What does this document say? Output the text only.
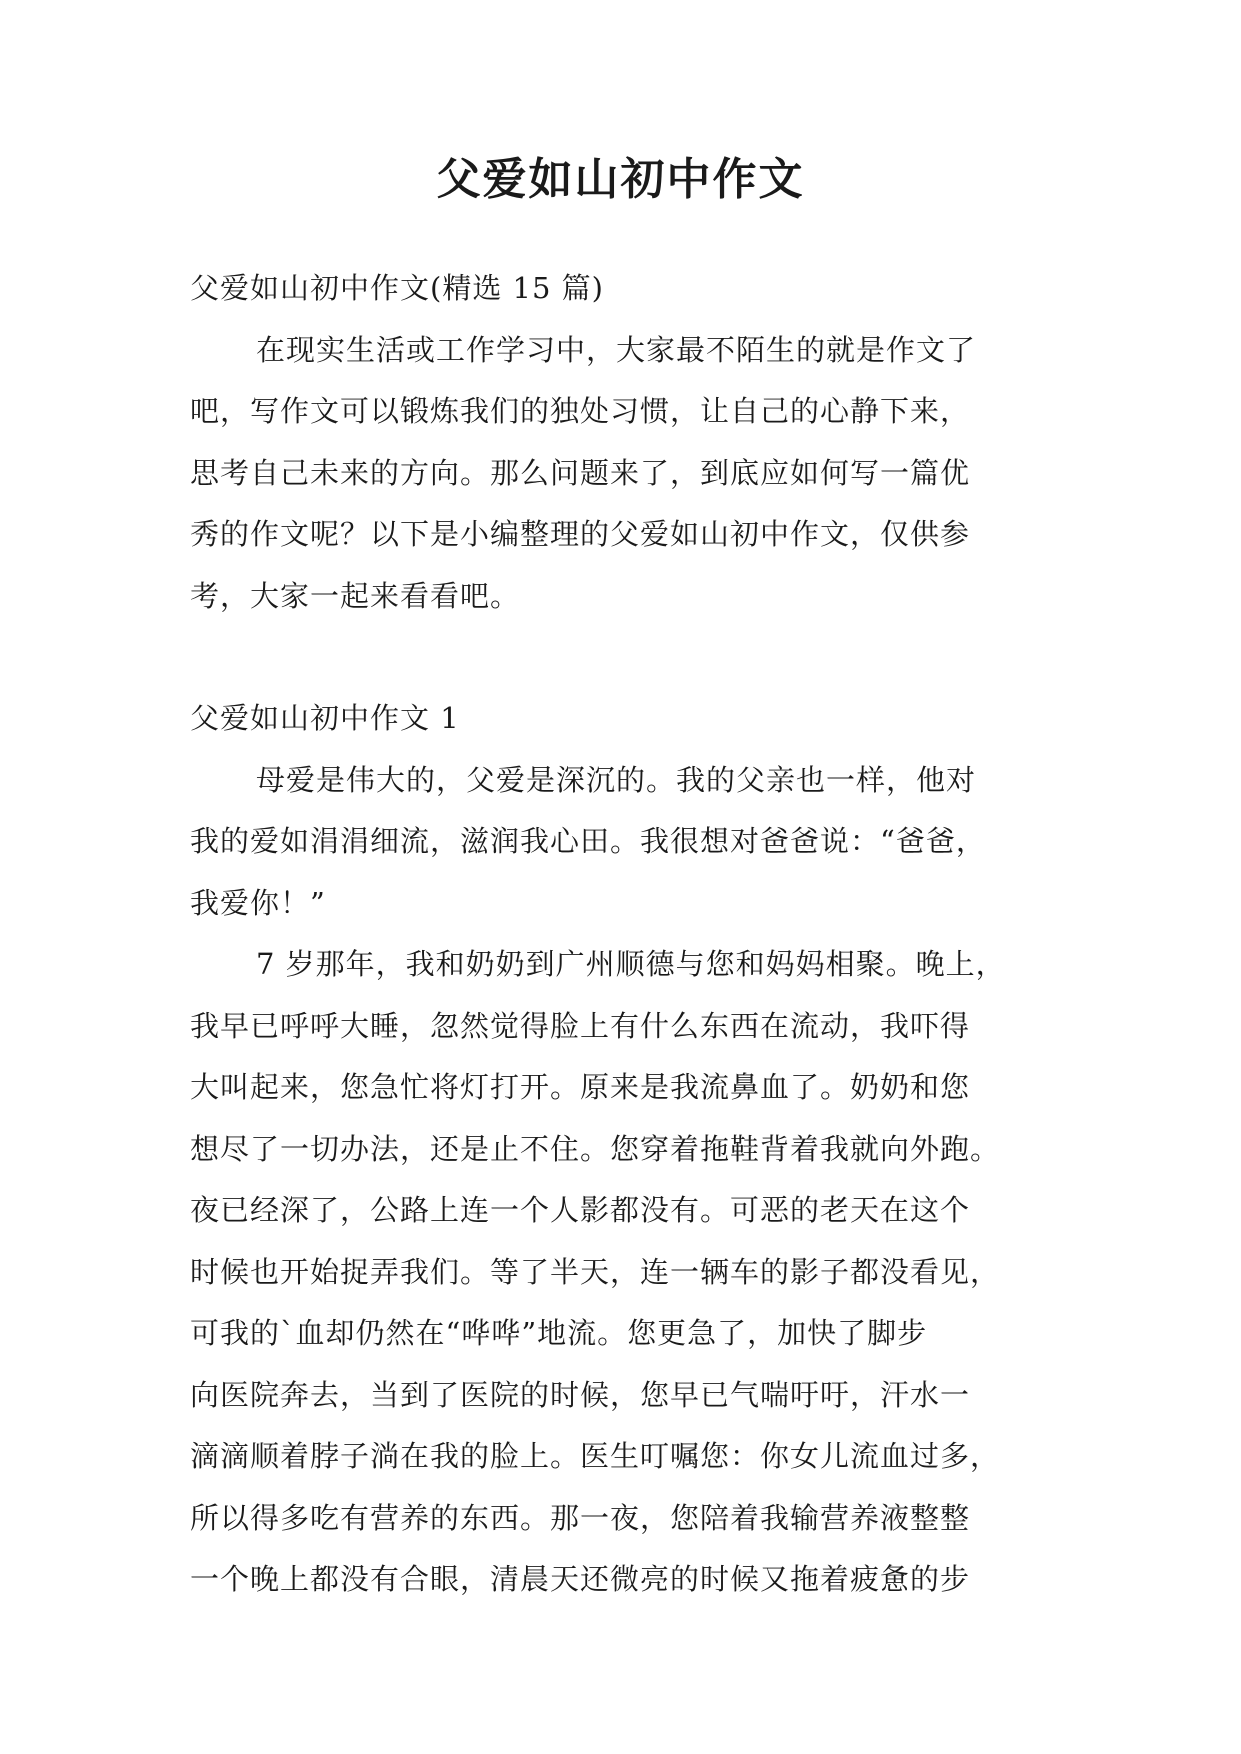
父爱如山初中作文
父爱如山初中作文(精选 15 篇)
在现实生活或工作学习中，大家最不陌生的就是作文了
吧，写作文可以锻炼我们的独处习惯，让自己的心静下来，
思考自己未来的方向。那么问题来了，到底应如何写一篇优
秀的作文呢？以下是小编整理的父爱如山初中作文，仅供参
考，大家一起来看看吧。
父爱如山初中作文 1
母爱是伟大的，父爱是深沉的。我的父亲也一样，他对
我的爱如涓涓细流，滋润我心田。我很想对爸爸说：“爸爸，
我爱你！”
7 岁那年，我和奶奶到广州顺德与您和妈妈相聚。晚上，
我早已呼呼大睡，忽然觉得脸上有什么东西在流动，我吓得
大叫起来，您急忙将灯打开。原来是我流鼻血了。奶奶和您
想尽了一切办法，还是止不住。您穿着拖鞋背着我就向外跑。
夜已经深了，公路上连一个人影都没有。可恶的老天在这个
时候也开始捉弄我们。等了半天，连一辆车的影子都没看见，
可我的`血却仍然在“哗哗”地流。您更急了，加快了脚步
向医院奔去，当到了医院的时候，您早已气喘吁吁，汗水一
滴滴顺着脖子淌在我的脸上。医生叮嘱您：你女儿流血过多，
所以得多吃有营养的东西。那一夜，您陪着我输营养液整整
一个晚上都没有合眼，清晨天还微亮的时候又拖着疲惫的步
